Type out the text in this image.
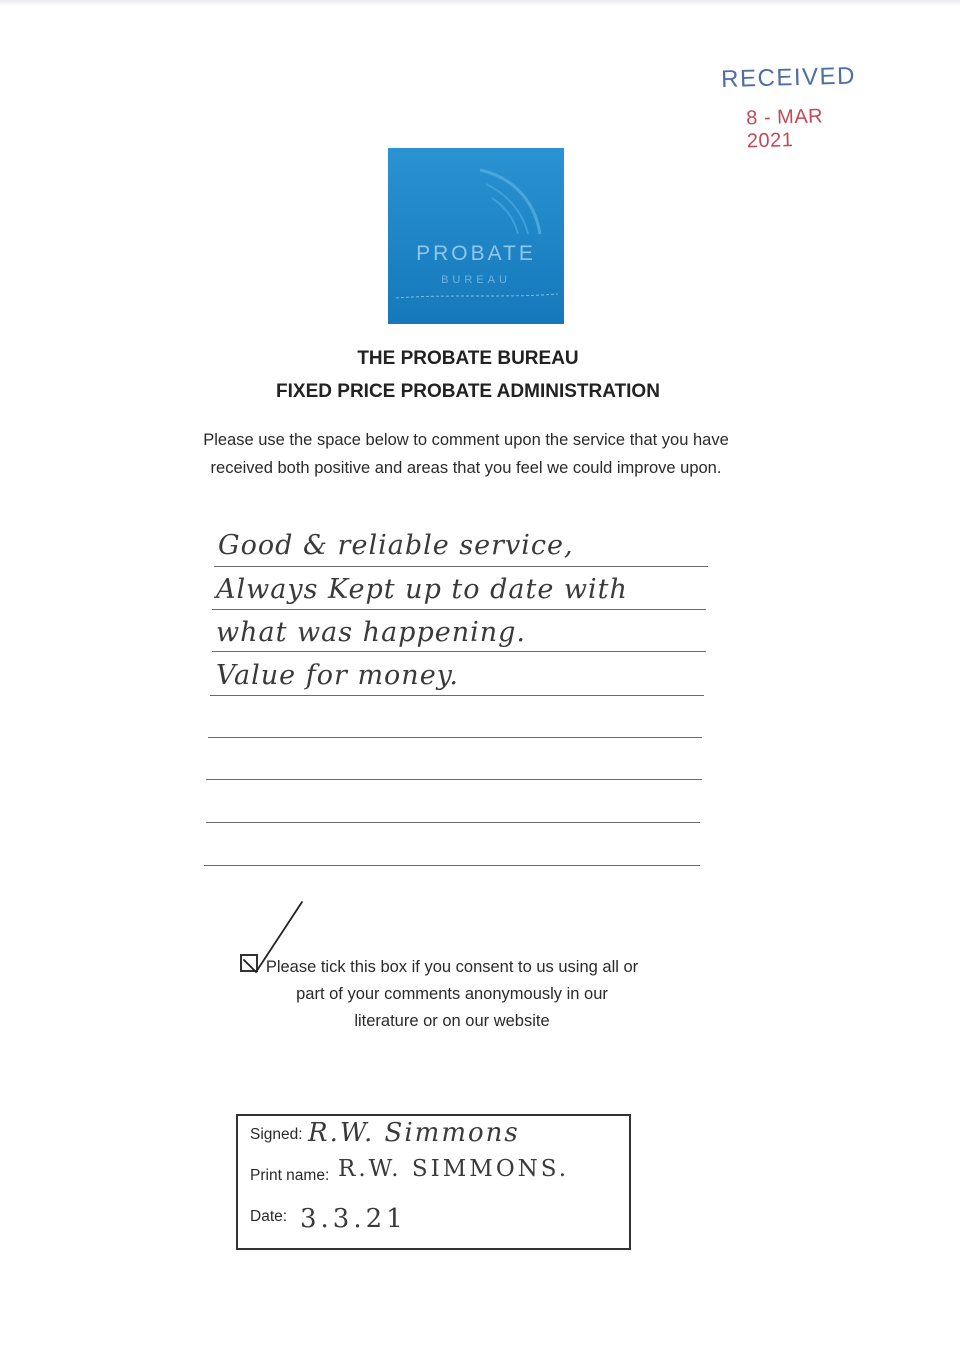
RECEIVED
8 - MAR 2021
PROBATE
BUREAU
THE PROBATE BUREAU
FIXED PRICE PROBATE ADMINISTRATION
Please use the space below to comment upon the service that you have received both positive and areas that you feel we could improve upon.
Good & reliable service,
Always Kept up to date with
what was happening.
Value for money.
Please tick this box if you consent to us using all or part of your comments anonymously in our literature or on our website
Signed: R.W. Simmons
Print name: R.W. SIMMONS.
Date: 3.3.21
